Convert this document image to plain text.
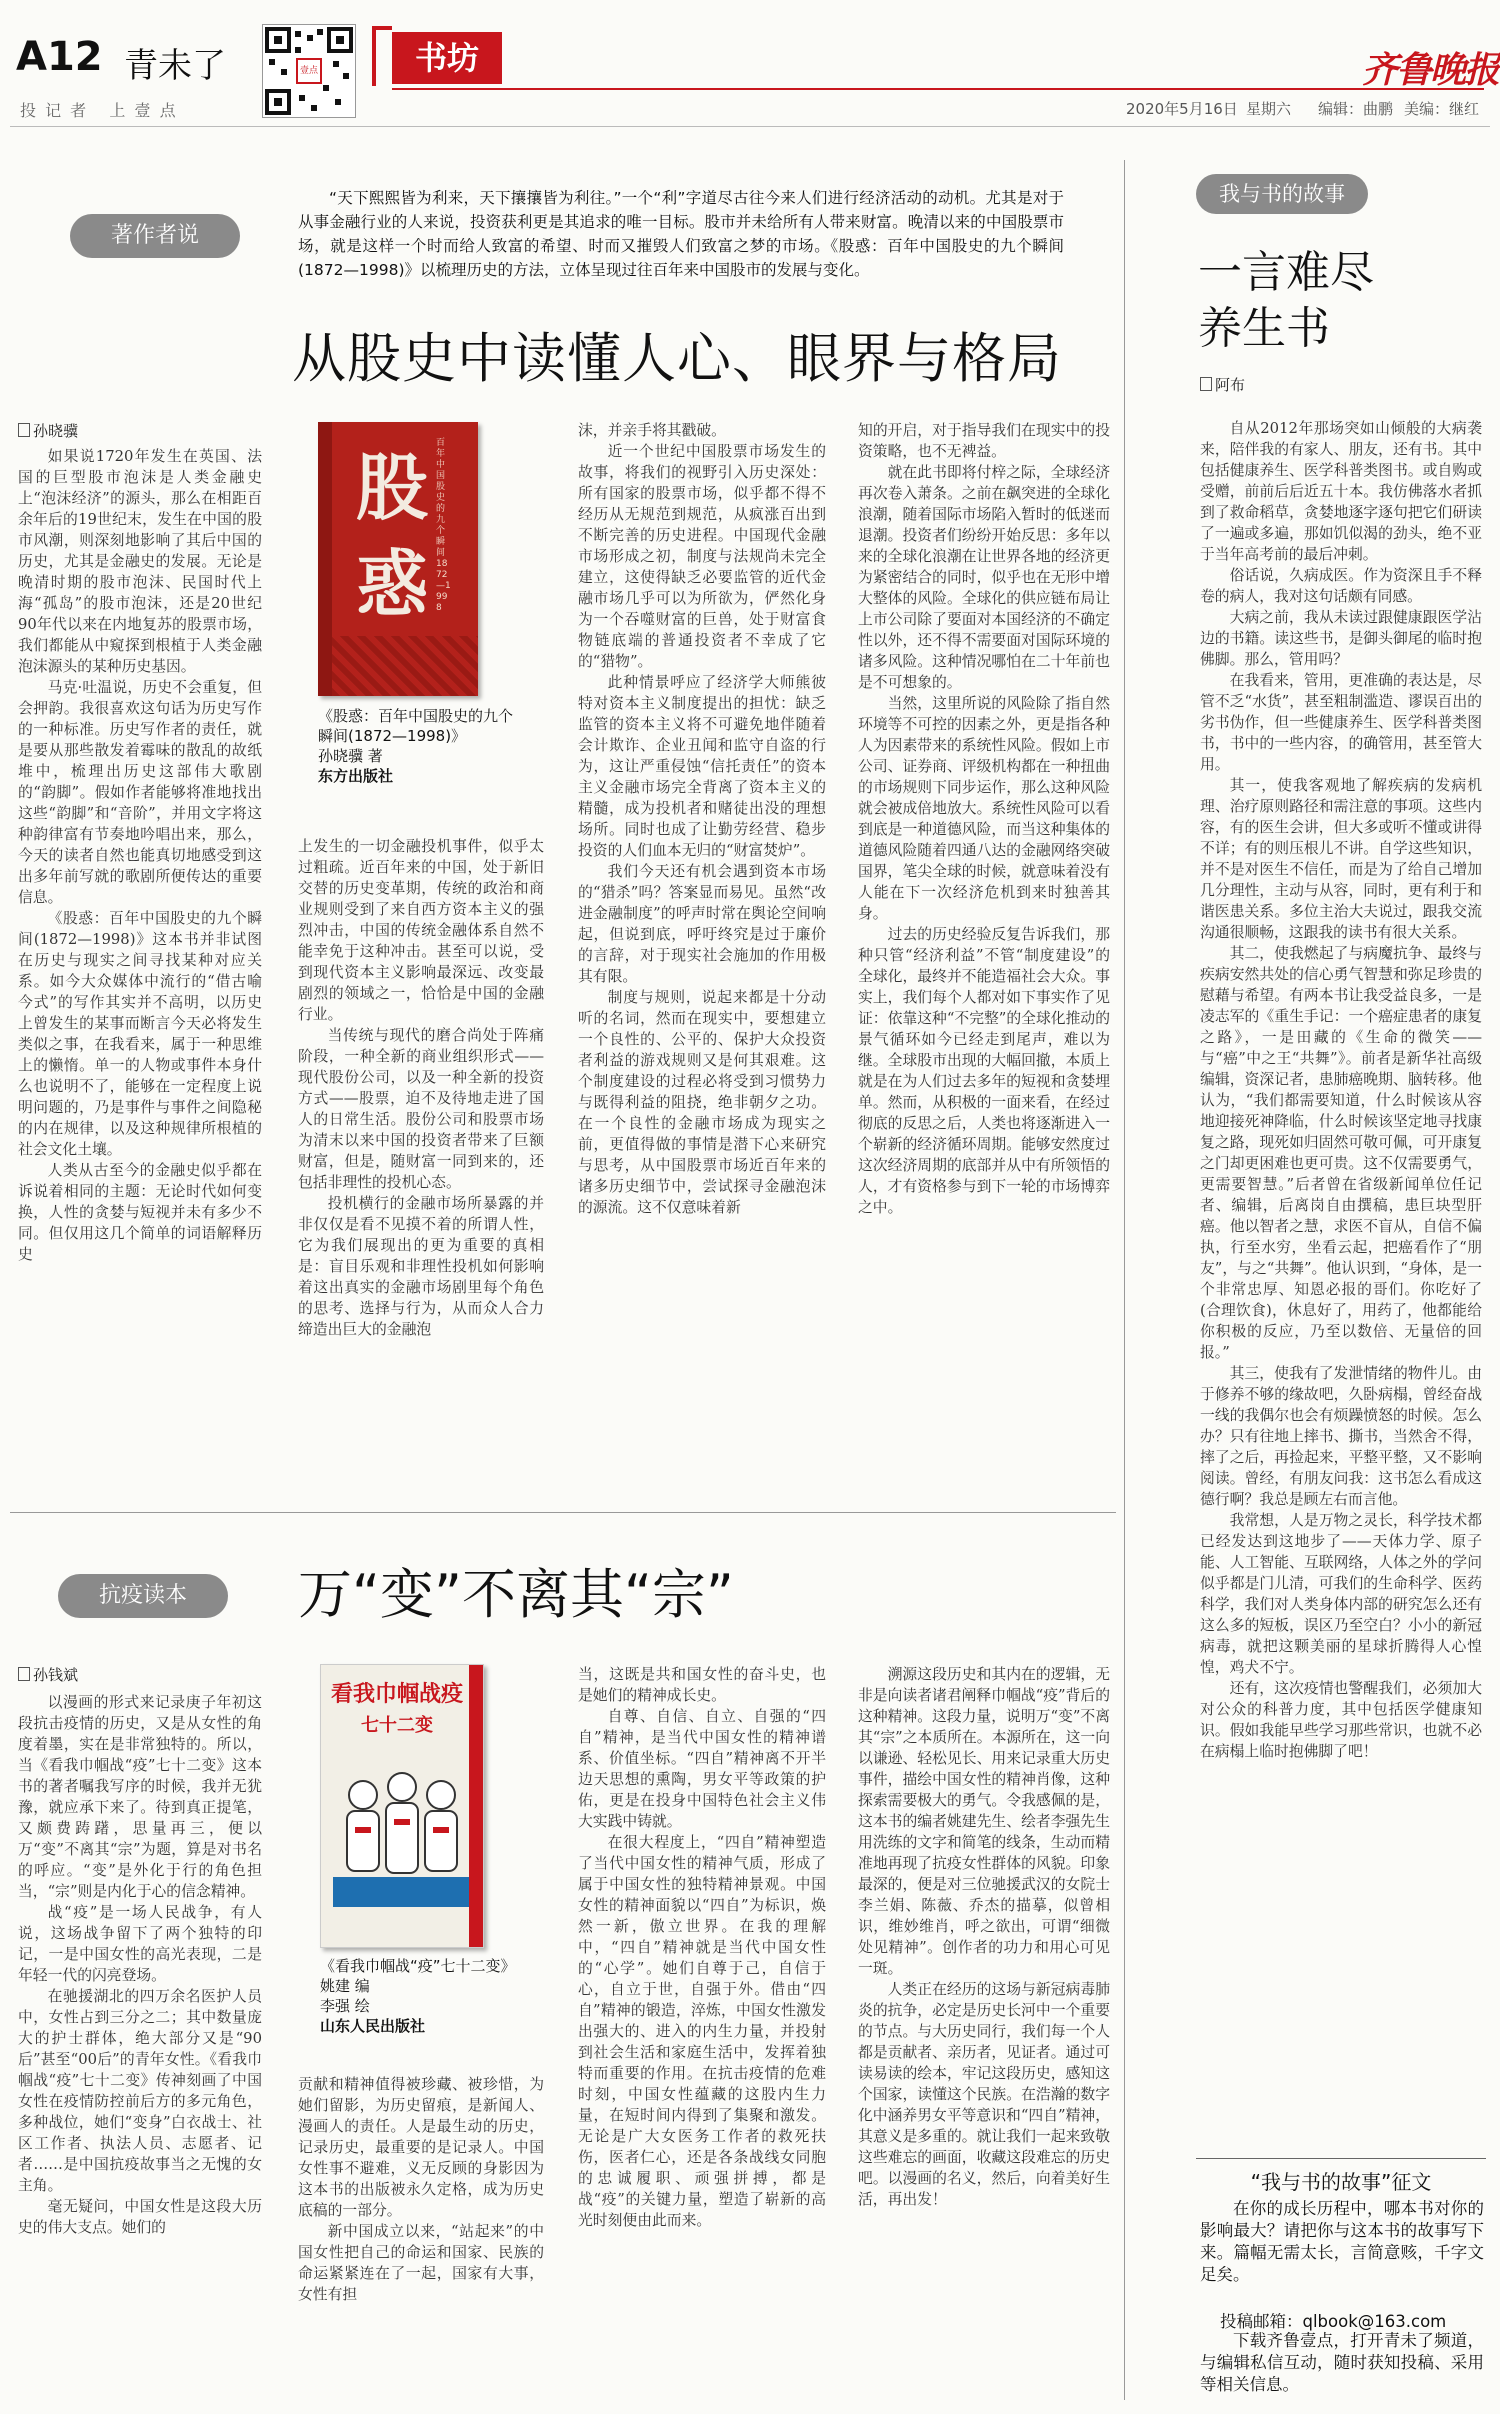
A12 青未了
投 记 者   上 壹 点
壹点	书坊	齐鲁晚报
2020年5月16日 星期六 编辑：曲鹏 美编：继红
著作者说
“天下熙熙皆为利来，天下攘攘皆为利往。”一个“利”字道尽古往今来人们进行经济活动的动机。尤其是对于从事金融行业的人来说，投资获利更是其追求的唯一目标。股市并未给所有人带来财富。晚清以来的中国股票市场，就是这样一个时而给人致富的希望、时而又摧毁人们致富之梦的市场。《股惑：百年中国股史的九个瞬间(1872—1998)》以梳理历史的方法，立体呈现过往百年来中国股市的发展与变化。
从股史中读懂人心、眼界与格局
孙晓骥

如果说1720年发生在英国、法国的巨型股市泡沫是人类金融史上“泡沫经济”的源头，那么在相距百余年后的19世纪末，发生在中国的股市风潮，则深刻地影响了其后中国的历史，尤其是金融史的发展。无论是晚清时期的股市泡沫、民国时代上海“孤岛”的股市泡沫，还是20世纪90年代以来在内地复苏的股票市场，我们都能从中窥探到根植于人类金融泡沫源头的某种历史基因。

马克·吐温说，历史不会重复，但会押韵。我很喜欢这句话为历史写作的一种标准。历史写作者的责任，就是要从那些散发着霉味的散乱的故纸堆中，梳理出历史这部伟大歌剧的“韵脚”。假如作者能够将准地找出这些“韵脚”和“音阶”，并用文字将这种韵律富有节奏地吟唱出来，那么，今天的读者自然也能真切地感受到这出多年前写就的歌剧所便传达的重要信息。

《股惑：百年中国股史的九个瞬间(1872—1998)》这本书并非试图在历史与现实之间寻找某种对应关系。如今大众媒体中流行的“借古喻今式”的写作其实并不高明，以历史上曾发生的某事而断言今天必将发生类似之事，在我看来，属于一种思维上的懒惰。单一的人物或事件本身什么也说明不了，能够在一定程度上说明问题的，乃是事件与事件之间隐秘的内在规律，以及这种规律所根植的社会文化土壤。

人类从古至今的金融史似乎都在诉说着相同的主题：无论时代如何变换，人性的贪婪与短视并未有多少不同。但仅用这几个简单的词语解释历史

股惑
百年中国股史的九个瞬间 1872—1998
《股惑：百年中国股史的九个
瞬间(1872—1998)》
孙晓骥 著
东方出版社

上发生的一切金融投机事件，似乎太过粗疏。近百年来的中国，处于新旧交替的历史变革期，传统的政治和商业规则受到了来自西方资本主义的强烈冲击，中国的传统金融体系自然不能幸免于这种冲击。甚至可以说，受到现代资本主义影响最深远、改变最剧烈的领域之一，恰恰是中国的金融行业。

当传统与现代的磨合尚处于阵痛阶段，一种全新的商业组织形式——现代股份公司，以及一种全新的投资方式——股票，迫不及待地走进了国人的日常生活。股份公司和股票市场为清末以来中国的投资者带来了巨额财富，但是，随财富一同到来的，还包括非理性的投机心态。

投机横行的金融市场所暴露的并非仅仅是看不见摸不着的所谓人性，它为我们展现出的更为重要的真相是：盲目乐观和非理性投机如何影响着这出真实的金融市场剧里每个角色的思考、选择与行为，从而众人合力缔造出巨大的金融泡

沫，并亲手将其戳破。

近一个世纪中国股票市场发生的故事，将我们的视野引入历史深处：所有国家的股票市场，似乎都不得不经历从无规范到规范，从疯涨百出到不断完善的历史进程。中国现代金融市场形成之初，制度与法规尚未完全建立，这使得缺乏必要监管的近代金融市场几乎可以为所欲为，俨然化身为一个吞噬财富的巨兽，处于财富食物链底端的普通投资者不幸成了它的“猎物”。

此种情景呼应了经济学大师熊彼特对资本主义制度提出的担忧：缺乏监管的资本主义将不可避免地伴随着会计欺诈、企业丑闻和监守自盗的行为，这让严重侵蚀“信托责任”的资本主义金融市场完全背离了资本主义的精髓，成为投机者和赌徒出没的理想场所。同时也成了让勤劳经营、稳步投资的人们血本无归的“财富焚炉”。

我们今天还有机会遇到资本市场的“猎杀”吗？答案显而易见。虽然“改进金融制度”的呼声时常在舆论空间响起，但说到底，呼吁终究是过于廉价的言辞，对于现实社会施加的作用极其有限。

制度与规则，说起来都是十分动听的名词，然而在现实中，要想建立一个良性的、公平的、保护大众投资者利益的游戏规则又是何其艰难。这个制度建设的过程必将受到习惯势力与既得利益的阻挠，绝非朝夕之功。在一个良性的金融市场成为现实之前，更值得做的事情是潜下心来研究与思考，从中国股票市场近百年来的诸多历史细节中，尝试探寻金融泡沫的源流。这不仅意味着新

知的开启，对于指导我们在现实中的投资策略，也不无裨益。

就在此书即将付梓之际，全球经济再次卷入萧条。之前在飙突进的全球化浪潮，随着国际市场陷入暂时的低迷而退潮。投资者们纷纷开始反思：多年以来的全球化浪潮在让世界各地的经济更为紧密结合的同时，似乎也在无形中增大整体的风险。全球化的供应链布局让上市公司除了要面对本国经济的不确定性以外，还不得不需要面对国际环境的诸多风险。这种情况哪怕在二十年前也是不可想象的。

当然，这里所说的风险除了指自然环境等不可控的因素之外，更是指各种人为因素带来的系统性风险。假如上市公司、证券商、评级机构都在一种扭曲的市场规则下同步运作，那么这种风险就会被成倍地放大。系统性风险可以看到底是一种道德风险，而当这种集体的道德风险随着四通八达的金融网络突破国界，笔尖全球的时候，就意味着没有人能在下一次经济危机到来时独善其身。

过去的历史经验反复告诉我们，那种只管“经济利益”不管“制度建设”的全球化，最终并不能造福社会大众。事实上，我们每个人都对如下事实作了见证：依靠这种“不完整”的全球化推动的景气循环如今已经走到尾声，难以为继。全球股市出现的大幅回撤，本质上就是在为人们过去多年的短视和贪婪埋单。然而，从积极的一面来看，在经过彻底的反思之后，人类也将逐渐进入一个崭新的经济循环周期。能够安然度过这次经济周期的底部并从中有所领悟的人，才有资格参与到下一轮的市场博弈之中。

抗疫读本	万“变”不离其“宗”
孙钱斌

以漫画的形式来记录庚子年初这段抗击疫情的历史，又是从女性的角度着墨，实在是非常独特的。所以，当《看我巾帼战“疫”七十二变》这本书的著者嘱我写序的时候，我并无犹豫，就应承下来了。待到真正提笔，又颇费踌躇，思量再三，便以万“变”不离其“宗”为题，算是对书名的呼应。“变”是外化于行的角色担当，“宗”则是内化于心的信念精神。

战“疫”是一场人民战争，有人说，这场战争留下了两个独特的印记，一是中国女性的高光表现，二是年轻一代的闪亮登场。

在驰援湖北的四万余名医护人员中，女性占到三分之二；其中数量庞大的护士群体，绝大部分又是“90后”甚至“00后”的青年女性。《看我巾帼战“疫”七十二变》传神刻画了中国女性在疫情防控前后方的多元角色，多种战位，她们“变身”白衣战士、社区工作者、执法人员、志愿者、记者……是中国抗疫故事当之无愧的女主角。

毫无疑问，中国女性是这段大历史的伟大支点。她们的

看我巾帼战疫
七十二变
《看我巾帼战“疫”七十二变》
姚建 编
李强 绘
山东人民出版社

贡献和精神值得被珍藏、被珍惜，为她们留影，为历史留痕，是新闻人、漫画人的责任。人是最生动的历史，记录历史，最重要的是记录人。中国女性事不避难，义无反顾的身影因为这本书的出版被永久定格，成为历史底稿的一部分。

新中国成立以来，“站起来”的中国女性把自己的命运和国家、民族的命运紧紧连在了一起，国家有大事，女性有担

当，这既是共和国女性的奋斗史，也是她们的精神成长史。

自尊、自信、自立、自强的“四自”精神，是当代中国女性的精神谱系、价值坐标。“四自”精神离不开半边天思想的熏陶，男女平等政策的护佑，更是在投身中国特色社会主义伟大实践中铸就。

在很大程度上，“四自”精神塑造了当代中国女性的精神气质，形成了属于中国女性的独特精神景观。中国女性的精神面貌以“四自”为标识，焕然一新，傲立世界。在我的理解中，“四自”精神就是当代中国女性的“心学”。她们自尊于己，自信于心，自立于世，自强于外。借由“四自”精神的锻造，淬炼，中国女性激发出强大的、进入的内生力量，并投射到社会生活和家庭生活中，发挥着独特而重要的作用。在抗击疫情的危难时刻，中国女性蕴藏的这股内生力量，在短时间内得到了集聚和激发。无论是广大女医务工作者的救死扶伤，医者仁心，还是各条战线女同胞的忠诚履职、顽强拼搏，都是战“疫”的关键力量，塑造了崭新的高光时刻便由此而来。

溯源这段历史和其内在的逻辑，无非是向读者诸君阐释巾帼战“疫”背后的这种精神。这段力量，说明万“变”不离其“宗”之本质所在。本源所在，这一向以谦逊、轻松见长、用来记录重大历史事件，描绘中国女性的精神肖像，这种探索需要极大的勇气。令我感佩的是，这本书的编者姚建先生、绘者李强先生用洗练的文字和简笔的线条，生动而精准地再现了抗疫女性群体的风貌。印象最深的，便是对三位驰援武汉的女院士李兰娟、陈薇、乔杰的描摹，似曾相识，维妙维肖，呼之欲出，可谓“细微处见精神”。创作者的功力和用心可见一斑。

人类正在经历的这场与新冠病毒肺炎的抗争，必定是历史长河中一个重要的节点。与大历史同行，我们每一个人都是贡献者、亲历者，见证者。通过可读易读的绘本，牢记这段历史，感知这个国家，读懂这个民族。在浩瀚的数字化中涵养男女平等意识和“四自”精神，其意义是多重的。就让我们一起来致敬这些难忘的画面，收藏这段难忘的历史吧。以漫画的名义，然后，向着美好生活，再出发！

我与书的故事
一言难尽
养生书
阿布

自从2012年那场突如山倾般的大病袭来，陪伴我的有家人、朋友，还有书。其中包括健康养生、医学科普类图书。或自购或受赠，前前后后近五十本。我仿佛落水者抓到了救命稻草，贪婪地逐字逐句把它们研读了一遍或多遍，那如饥似渴的劲头，绝不亚于当年高考前的最后冲刺。

俗话说，久病成医。作为资深且手不释卷的病人，我对这句话颇有同感。

大病之前，我从未读过跟健康跟医学沾边的书籍。读这些书，是御头御尾的临时抱佛脚。那么，管用吗？

在我看来，管用，更准确的表达是，尽管不乏“水货”，甚至粗制滥造、谬误百出的劣书伪作，但一些健康养生、医学科普类图书，书中的一些内容，的确管用，甚至管大用。

其一，使我客观地了解疾病的发病机理、治疗原则路径和需注意的事项。这些内容，有的医生会讲，但大多或听不懂或讲得不详；有的则压根儿不讲。自学这些知识，并不是对医生不信任，而是为了给自己增加几分理性，主动与从容，同时，更有利于和谐医患关系。多位主治大夫说过，跟我交流沟通很顺畅，这跟我的读书有很大关系。

其二，使我燃起了与病魔抗争、最终与疾病安然共处的信心勇气智慧和弥足珍贵的慰藉与希望。有两本书让我受益良多，一是凌志军的《重生手记：一个癌症患者的康复之路》，一是田藏的《生命的微笑——与“癌”中之王“共舞”》。前者是新华社高级编辑，资深记者，患肺癌晚期、脑转移。他认为，“我们都需要知道，什么时候该从容地迎接死神降临，什么时候该坚定地寻找康复之路，现死如归固然可敬可佩，可开康复之门却更困难也更可贵。这不仅需要勇气，更需要智慧。”后者曾在省级新闻单位任记者、编辑，后离岗自由撰稿，患巨块型肝癌。他以智者之慧，求医不盲从，自信不偏执，行至水穷，坐看云起，把癌看作了“朋友”，与之“共舞”。他认识到，“身体，是一个非常忠厚、知恩必报的哥们。你吃好了(合理饮食)，休息好了，用药了，他都能给你积极的反应，乃至以数倍、无量倍的回报。”

其三，使我有了发泄情绪的物件儿。由于修养不够的缘故吧，久卧病榻，曾经奋战一线的我偶尔也会有烦躁愤怒的时候。怎么办？只有往地上摔书、撕书，当然舍不得，摔了之后，再捡起来，平整平整，又不影响阅读。曾经，有朋友问我：这书怎么看成这德行啊？我总是顾左右而言他。

我常想，人是万物之灵长，科学技术都已经发达到这地步了——天体力学、原子能、人工智能、互联网络，人体之外的学问似乎都是门儿清，可我们的生命科学、医药科学，我们对人类身体内部的研究怎么还有这么多的短板，误区乃至空白？小小的新冠病毒，就把这颗美丽的星球折腾得人心惶惶，鸡犬不宁。

还有，这次疫情也警醒我们，必须加大对公众的科普力度，其中包括医学健康知识。假如我能早些学习那些常识，也就不必在病榻上临时抱佛脚了吧！

“我与书的故事”征文
在你的成长历程中，哪本书对你的影响最大？请把你与这本书的故事写下来。篇幅无需太长，言简意赅，千字文足矣。
投稿邮箱：qlbook@163.com
下载齐鲁壹点，打开青未了频道，与编辑私信互动，随时获知投稿、采用等相关信息。
